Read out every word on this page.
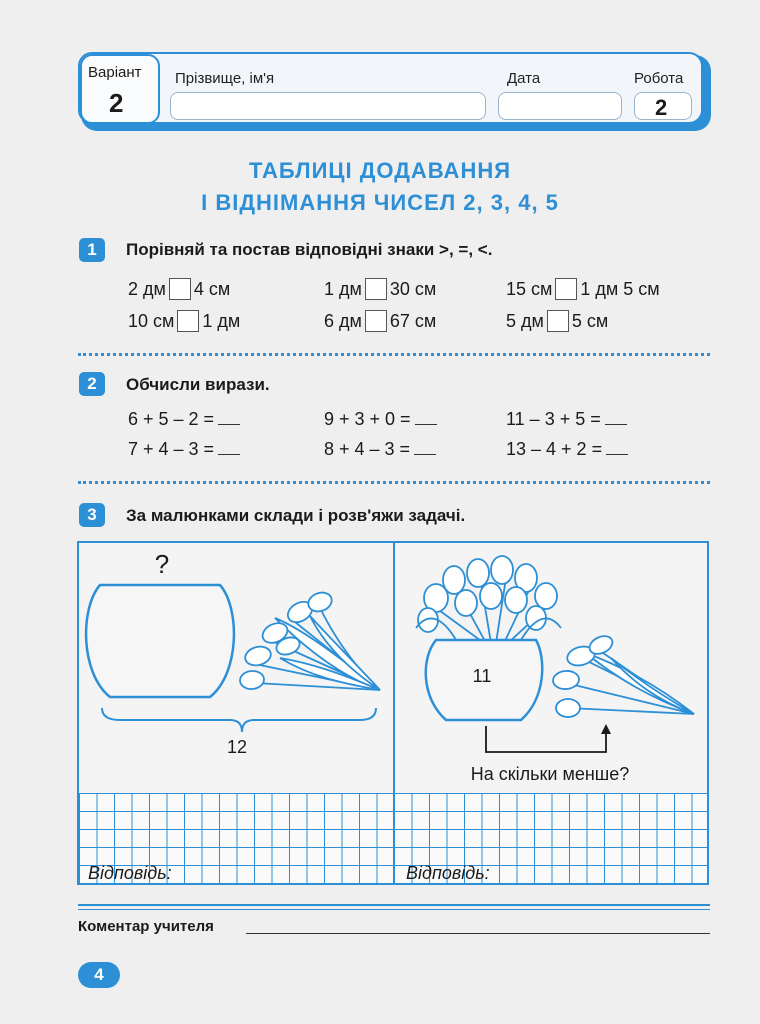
Варіант
2
Прізвище, ім'я	Дата	Робота
2
ТАБЛИЦІ ДОДАВАННЯ
І ВІДНІМАННЯ ЧИСЕЛ 2, 3, 4, 5
1	Порівняй та постав відповідні знаки >, =, <.
2 дм 4 см	1 дм 30 см	15 см 1 дм 5 см
10 см 1 дм	6 дм 67 см	5 дм 5 см
2	Обчисли вирази.
6 + 5 – 2 =	9 + 3 + 0 =	11 – 3 + 5 =
7 + 4 – 3 =	8 + 4 – 3 =	13 – 4 + 2 =
3	За малюнками склади і розв'яжи задачі.
?
12
11
На скільки менше?
Відповідь:	Відповідь:
Коментар учителя
4
